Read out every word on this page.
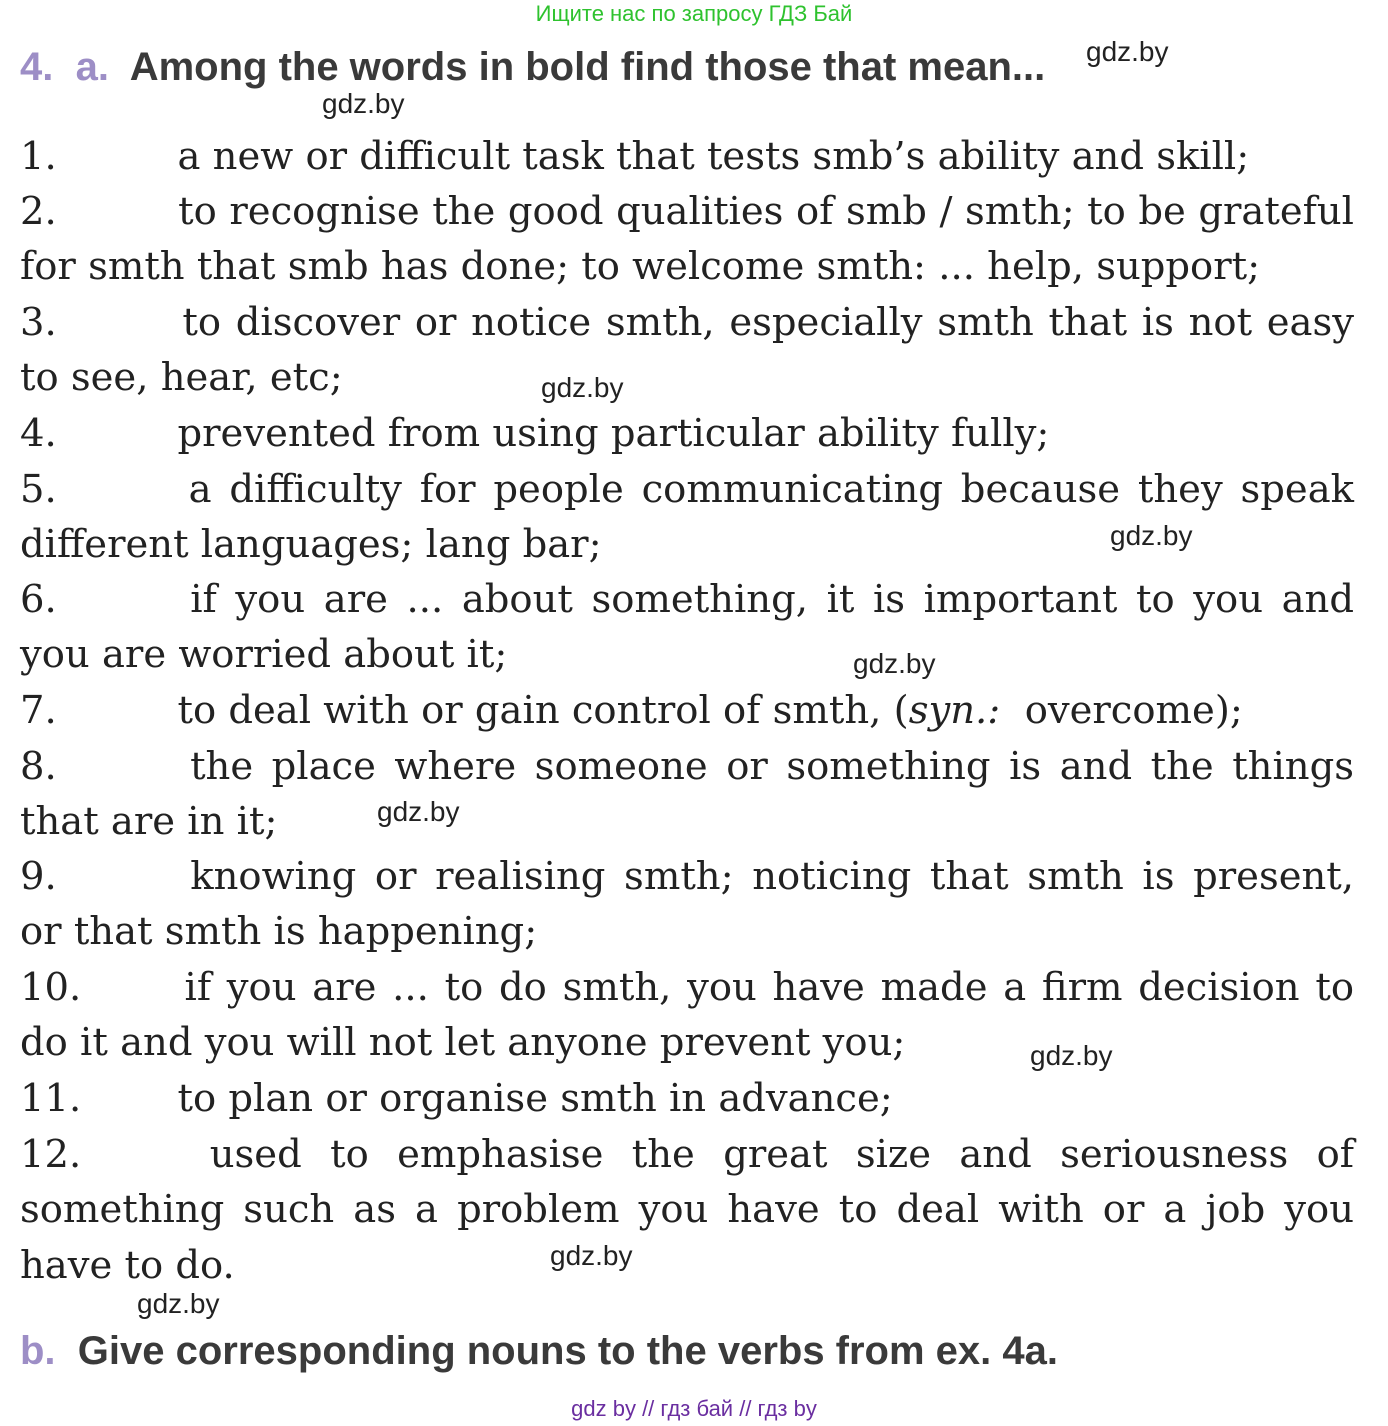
Ищите нас по запросу ГДЗ Бай
4. a. Among the words in bold find those that mean...
1.	a new or difficult task that tests smb’s ability and skill;
2.	to recognise the good qualities of smb / smth; to be grateful
for smth that smb has done; to welcome smth: ... help, support;
3.	to discover or notice smth, especially smth that is not easy
to see, hear, etc;
4.	prevented from using particular ability fully;
5.	a difficulty for people communicating because they speak
different languages; lang bar;
6.	if you are ... about something, it is important to you and
you are worried about it;
7.	to deal with or gain control of smth, (syn.: overcome);
8.	the place where someone or something is and the things
that are in it;
9.	knowing or realising smth; noticing that smth is present,
or that smth is happening;
10.	if you are ... to do smth, you have made a firm decision to
do it and you will not let anyone prevent you;
11.	to plan or organise smth in advance;
12.	used to emphasise the great size and seriousness of
something such as a problem you have to deal with or a job you
have to do.
b. Give corresponding nouns to the verbs from ex. 4a.
gdz.by
gdz.by
gdz.by
gdz.by
gdz.by
gdz.by
gdz.by
gdz.by
gdz.by
gdz by // гдз бай // гдз by
